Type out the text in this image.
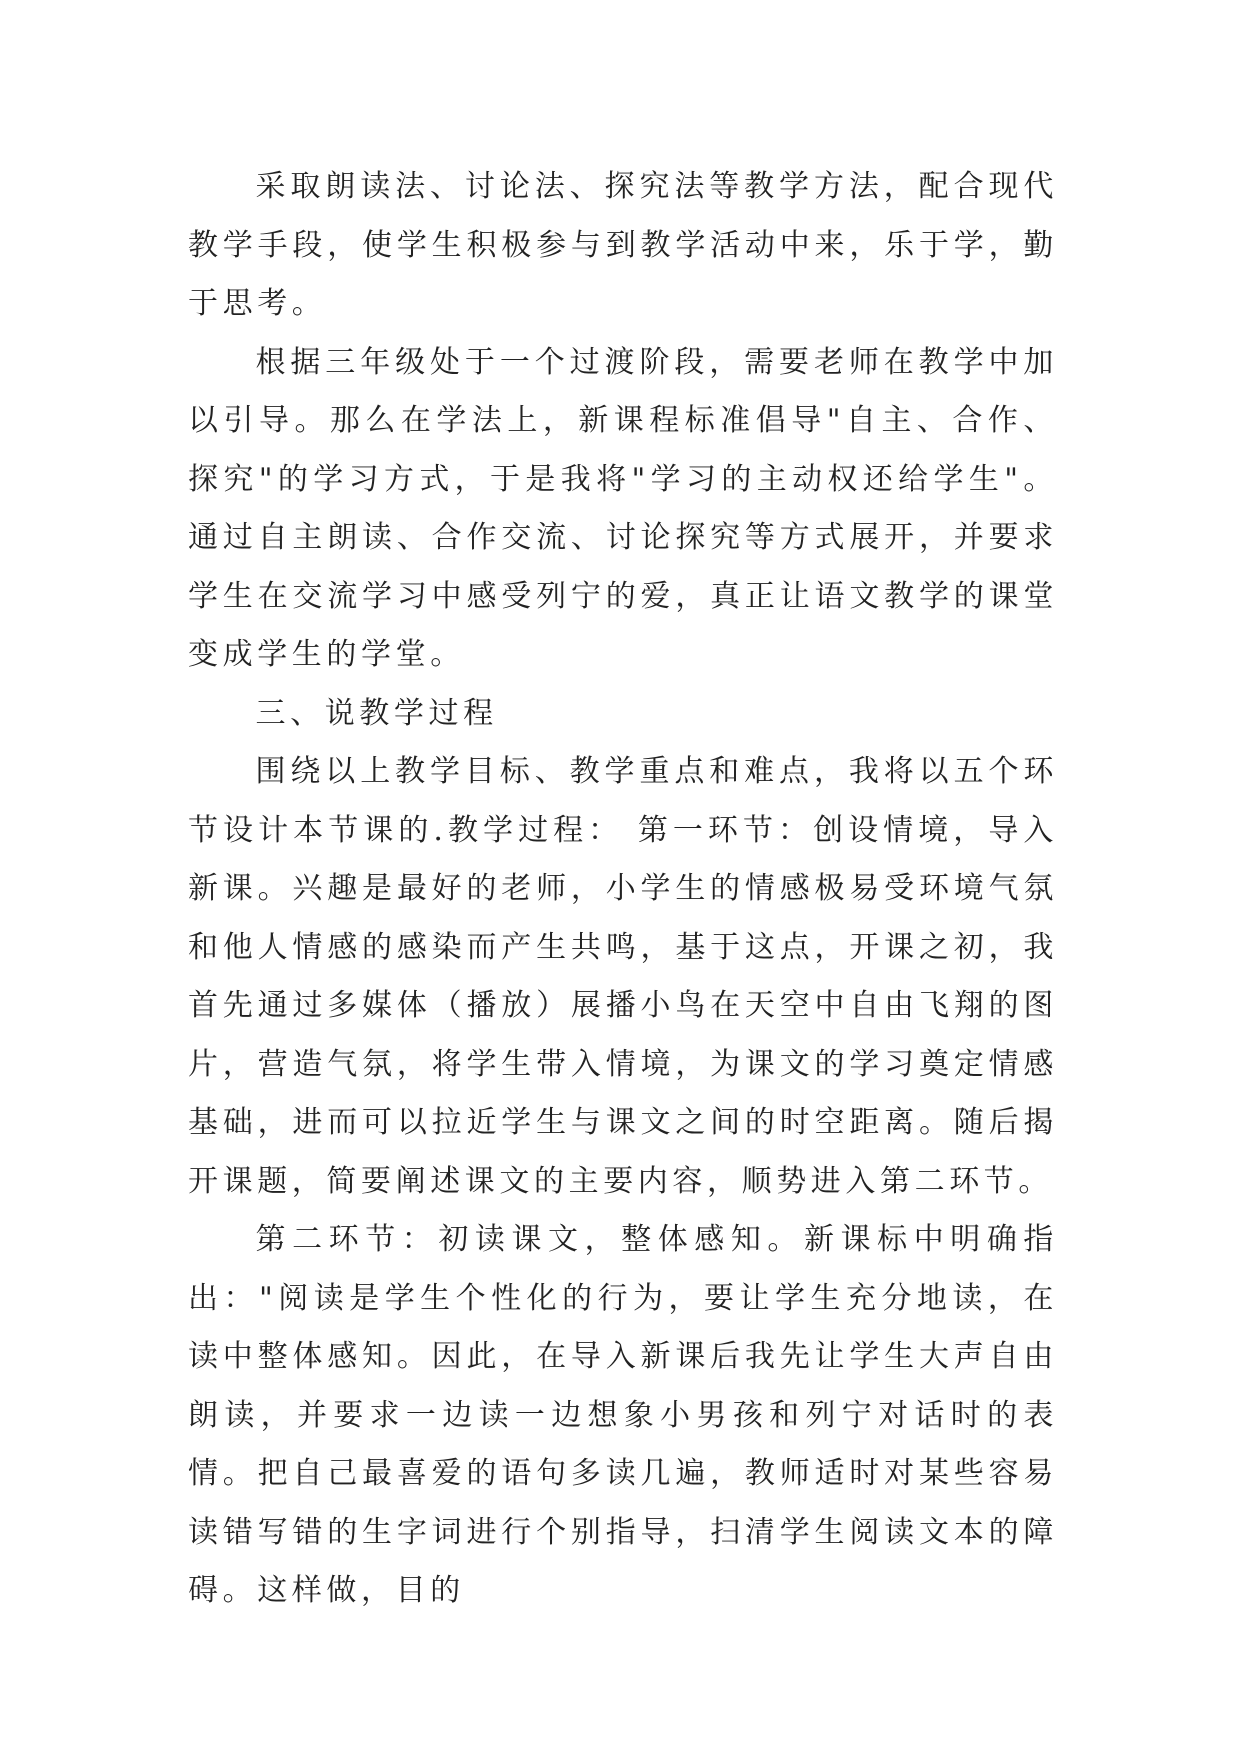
采取朗读法、讨论法、探究法等教学方法，配合现代教学手段，使学生积极参与到教学活动中来，乐于学，勤于思考。

根据三年级处于一个过渡阶段，需要老师在教学中加以引导。那么在学法上，新课程标准倡导"自主、合作、探究"的学习方式，于是我将"学习的主动权还给学生"。通过自主朗读、合作交流、讨论探究等方式展开，并要求学生在交流学习中感受列宁的爱，真正让语文教学的课堂变成学生的学堂。

三、说教学过程

围绕以上教学目标、教学重点和难点，我将以五个环节设计本节课的.教学过程： 第一环节：创设情境，导入新课。兴趣是最好的老师，小学生的情感极易受环境气氛和他人情感的感染而产生共鸣，基于这点，开课之初，我首先通过多媒体（播放）展播小鸟在天空中自由飞翔的图片，营造气氛，将学生带入情境，为课文的学习奠定情感基础，进而可以拉近学生与课文之间的时空距离。随后揭开课题，简要阐述课文的主要内容，顺势进入第二环节。

第二环节：初读课文，整体感知。新课标中明确指出："阅读是学生个性化的行为，要让学生充分地读，在读中整体感知。因此，在导入新课后我先让学生大声自由朗读，并要求一边读一边想象小男孩和列宁对话时的表情。把自己最喜爱的语句多读几遍，教师适时对某些容易读错写错的生字词进行个别指导，扫清学生阅读文本的障碍。这样做，目的
